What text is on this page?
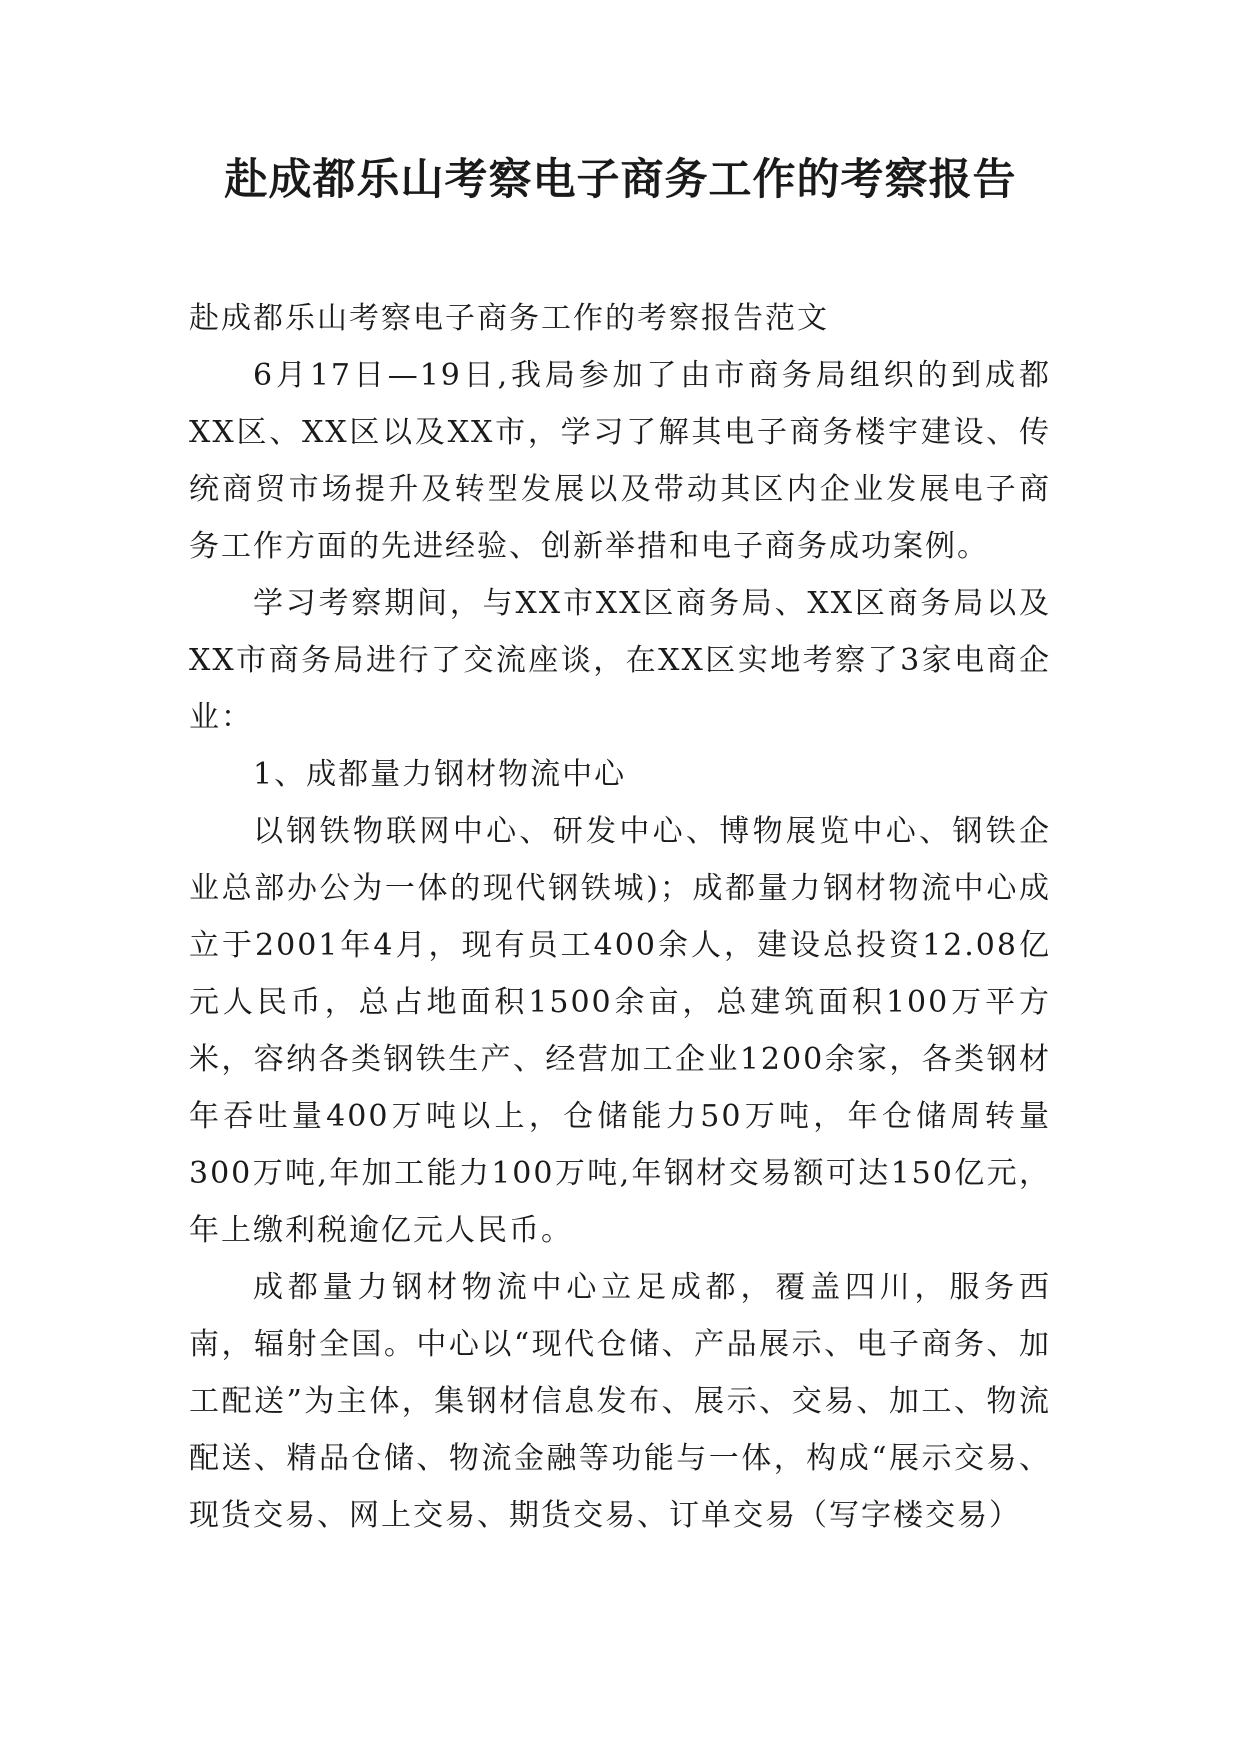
赴成都乐山考察电子商务工作的考察报告

赴成都乐山考察电子商务工作的考察报告范文

6月17日—19日,我局参加了由市商务局组织的到成都XX区、XX区以及XX市，学习了解其电子商务楼宇建设、传统商贸市场提升及转型发展以及带动其区内企业发展电子商务工作方面的先进经验、创新举措和电子商务成功案例。

学习考察期间，与XX市XX区商务局、XX区商务局以及XX市商务局进行了交流座谈，在XX区实地考察了3家电商企业：

1、成都量力钢材物流中心

以钢铁物联网中心、研发中心、博物展览中心、钢铁企业总部办公为一体的现代钢铁城)；成都量力钢材物流中心成立于2001年4月，现有员工400余人，建设总投资12.08亿元人民币，总占地面积1500余亩，总建筑面积100万平方米，容纳各类钢铁生产、经营加工企业1200余家，各类钢材年吞吐量400万吨以上，仓储能力50万吨，年仓储周转量300万吨,年加工能力100万吨,年钢材交易额可达150亿元，年上缴利税逾亿元人民币。

成都量力钢材物流中心立足成都，覆盖四川，服务西南，辐射全国。中心以“现代仓储、产品展示、电子商务、加工配送”为主体，集钢材信息发布、展示、交易、加工、物流配送、精品仓储、物流金融等功能与一体，构成“展示交易、现货交易、网上交易、期货交易、订单交易（写字楼交易）
